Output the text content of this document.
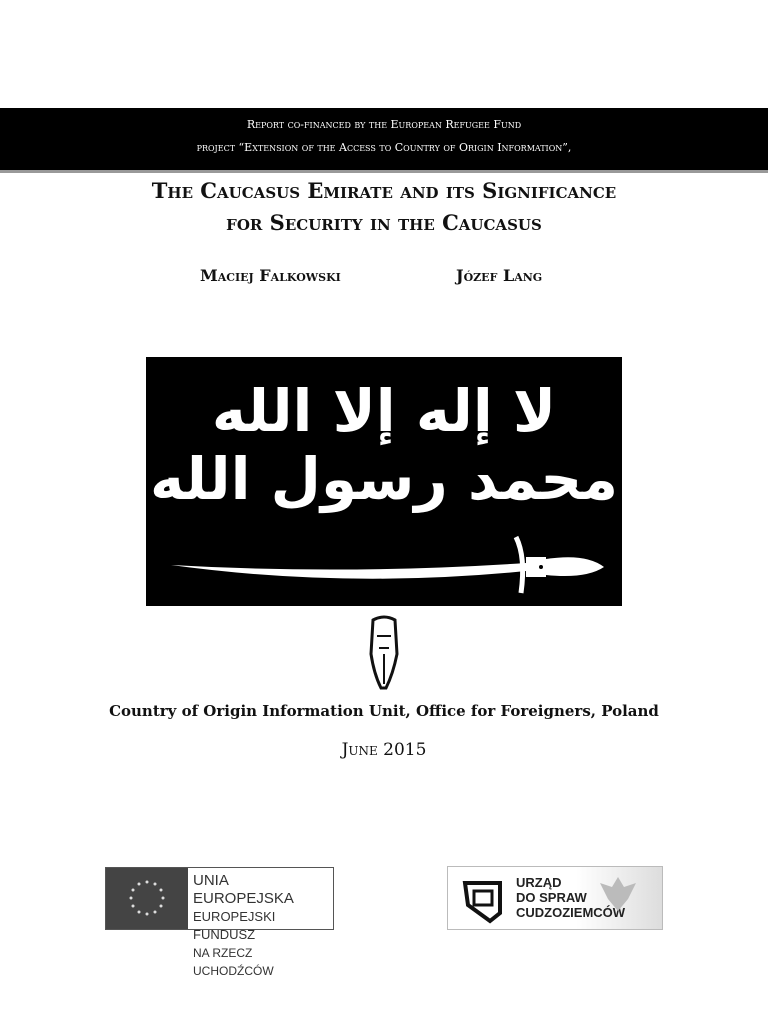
Report co-financed by the European Refugee Fund
project “Extension of the Access to Country of Origin Information”,
The Caucasus Emirate and its Significance
for Security in the Caucasus
Maciej Falkowski	Józef Lang
لا إله إلا الله محمد رسول الله
Country of Origin Information Unit, Office for Foreigners, Poland
June 2015
UNIA EUROPEJSKA
EUROPEJSKI FUNDUSZ
NA RZECZ UCHODŹCÓW
URZĄD
DO SPRAW
CUDZOZIEMCÓW
